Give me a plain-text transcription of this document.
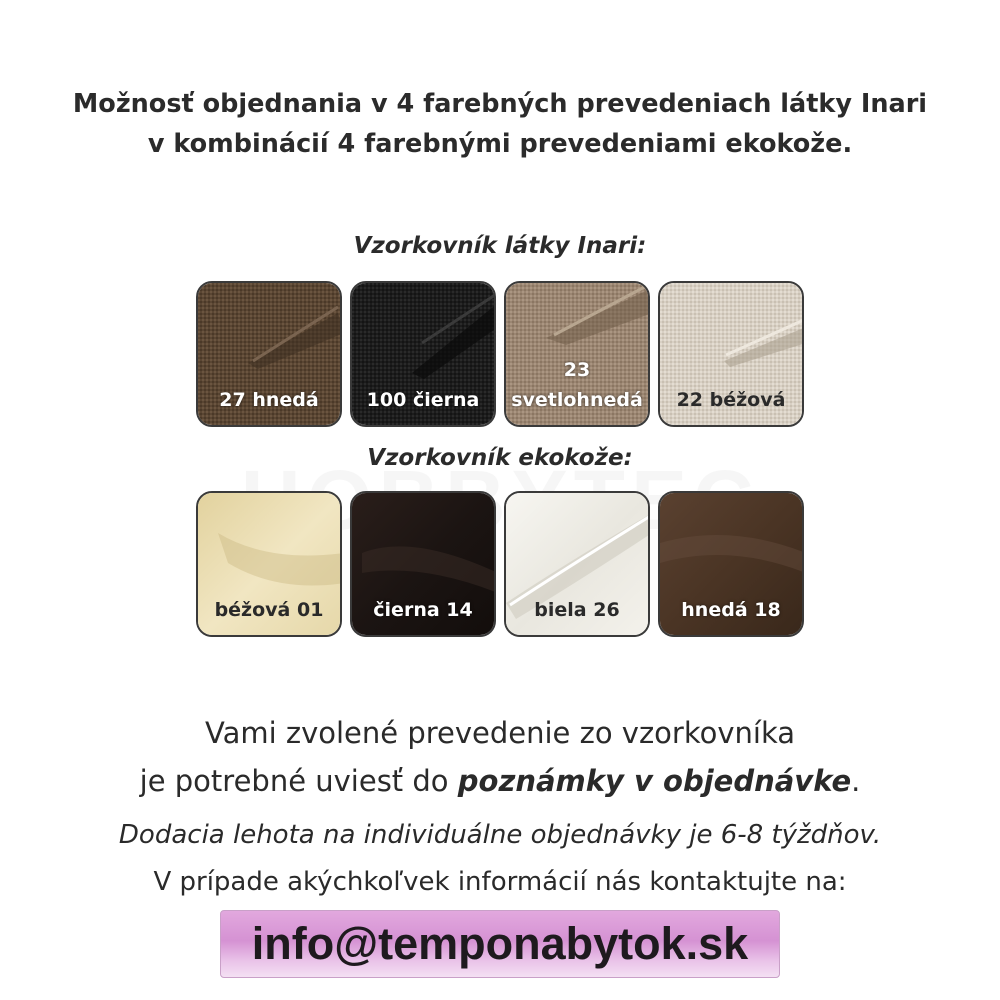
Možnosť objednania v 4 farebných prevedeniach látky Inari
v kombinácií 4 farebnými prevedeniami ekokože.
Vzorkovník látky Inari:
27 hnedá	100 čierna
23
svetlohnedá	22 béžová
Vzorkovník ekokože:
béžová 01	čierna 14	biela 26	hnedá 18
Vami zvolené prevedenie zo vzorkovníka
je potrebné uviesť do poznámky v objednávke.
Dodacia lehota na individuálne objednávky je 6-8 týždňov.
V prípade akýchkoľvek informácií nás kontaktujte na:
info@temponabytok.sk
